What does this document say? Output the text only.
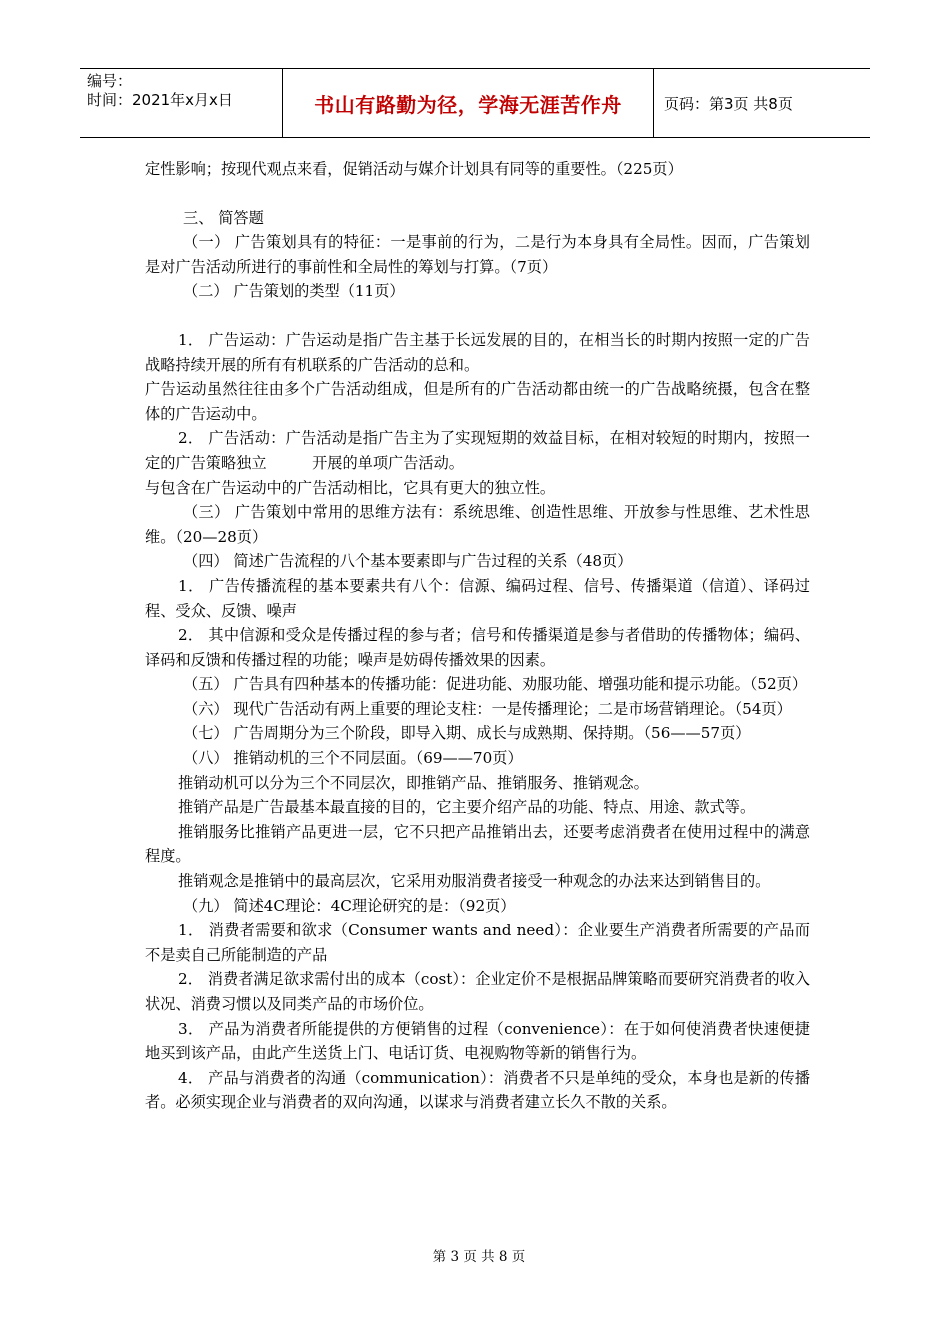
编号：
时间：2021年x月x日	书山有路勤为径，学海无涯苦作舟	页码：第3页 共8页

定性影响；按现代观点来看，促销活动与媒介计划具有同等的重要性。（225页）

三、 简答题

（一） 广告策划具有的特征：一是事前的行为，二是行为本身具有全局性。因而，广告策划是对广告活动所进行的事前性和全局性的筹划与打算。（7页）

（二） 广告策划的类型（11页）

1． 广告运动：广告运动是指广告主基于长远发展的目的，在相当长的时期内按照一定的广告战略持续开展的所有有机联系的广告活动的总和。

广告运动虽然往往由多个广告活动组成，但是所有的广告活动都由统一的广告战略统摄，包含在整体的广告运动中。

2． 广告活动：广告活动是指广告主为了实现短期的效益目标，在相对较短的时期内，按照一定的广告策略独立　　　开展的单项广告活动。

与包含在广告运动中的广告活动相比，它具有更大的独立性。

（三） 广告策划中常用的思维方法有：系统思维、创造性思维、开放参与性思维、艺术性思维。（20—28页）

（四） 简述广告流程的八个基本要素即与广告过程的关系（48页）

1． 广告传播流程的基本要素共有八个：信源、编码过程、信号、传播渠道（信道）、译码过程、受众、反馈、噪声

2． 其中信源和受众是传播过程的参与者；信号和传播渠道是参与者借助的传播物体；编码、译码和反馈和传播过程的功能；噪声是妨碍传播效果的因素。

（五） 广告具有四种基本的传播功能：促进功能、劝服功能、增强功能和提示功能。（52页）

（六） 现代广告活动有两上重要的理论支柱：一是传播理论；二是市场营销理论。（54页）

（七） 广告周期分为三个阶段，即导入期、成长与成熟期、保持期。（56——57页）

（八） 推销动机的三个不同层面。（69——70页）

推销动机可以分为三个不同层次，即推销产品、推销服务、推销观念。

推销产品是广告最基本最直接的目的，它主要介绍产品的功能、特点、用途、款式等。

推销服务比推销产品更进一层，它不只把产品推销出去，还要考虑消费者在使用过程中的满意程度。

推销观念是推销中的最高层次，它采用劝服消费者接受一种观念的办法来达到销售目的。

（九） 简述4C理论：4C理论研究的是：（92页）

1． 消费者需要和欲求（Consumer wants and need）：企业要生产消费者所需要的产品而不是卖自己所能制造的产品

2． 消费者满足欲求需付出的成本（cost）：企业定价不是根据品牌策略而要研究消费者的收入状况、消费习惯以及同类产品的市场价位。

3． 产品为消费者所能提供的方便销售的过程（convenience）：在于如何使消费者快速便捷地买到该产品，由此产生送货上门、电话订货、电视购物等新的销售行为。

4． 产品与消费者的沟通（communication）：消费者不只是单纯的受众，本身也是新的传播者。必须实现企业与消费者的双向沟通，以谋求与消费者建立长久不散的关系。

第 3 页 共 8 页
